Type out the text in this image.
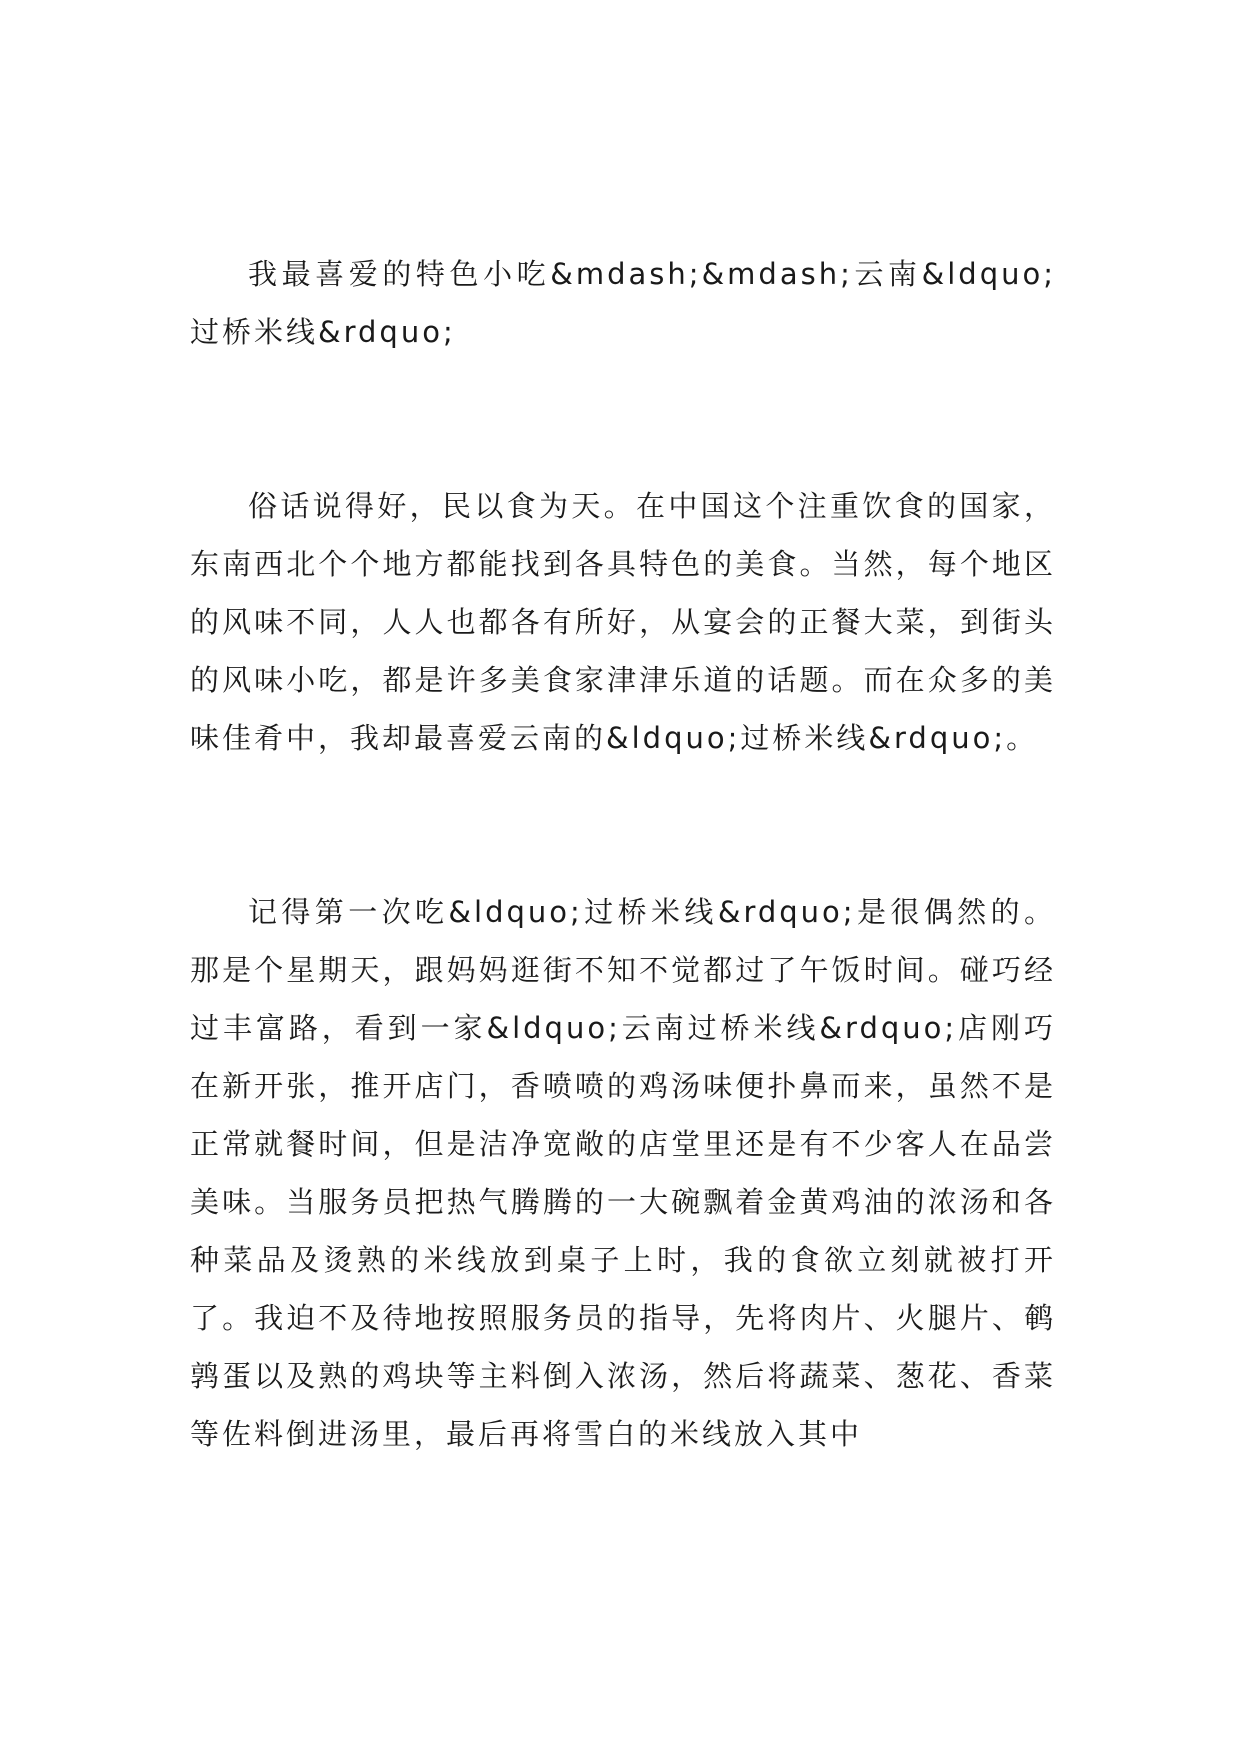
我最喜爱的特色小吃&mdash;&mdash;云南&ldquo;过桥米线&rdquo;

俗话说得好，民以食为天。在中国这个注重饮食的国家，东南西北个个地方都能找到各具特色的美食。当然，每个地区的风味不同，人人也都各有所好，从宴会的正餐大菜，到街头的风味小吃，都是许多美食家津津乐道的话题。而在众多的美味佳肴中，我却最喜爱云南的&ldquo;过桥米线&rdquo;。

记得第一次吃&ldquo;过桥米线&rdquo;是很偶然的。那是个星期天，跟妈妈逛街不知不觉都过了午饭时间。碰巧经过丰富路，看到一家&ldquo;云南过桥米线&rdquo;店刚巧在新开张，推开店门，香喷喷的鸡汤味便扑鼻而来，虽然不是正常就餐时间，但是洁净宽敞的店堂里还是有不少客人在品尝美味。当服务员把热气腾腾的一大碗飘着金黄鸡油的浓汤和各种菜品及烫熟的米线放到桌子上时，我的食欲立刻就被打开了。我迫不及待地按照服务员的指导，先将肉片、火腿片、鹌鹑蛋以及熟的鸡块等主料倒入浓汤，然后将蔬菜、葱花、香菜等佐料倒进汤里，最后再将雪白的米线放入其中
